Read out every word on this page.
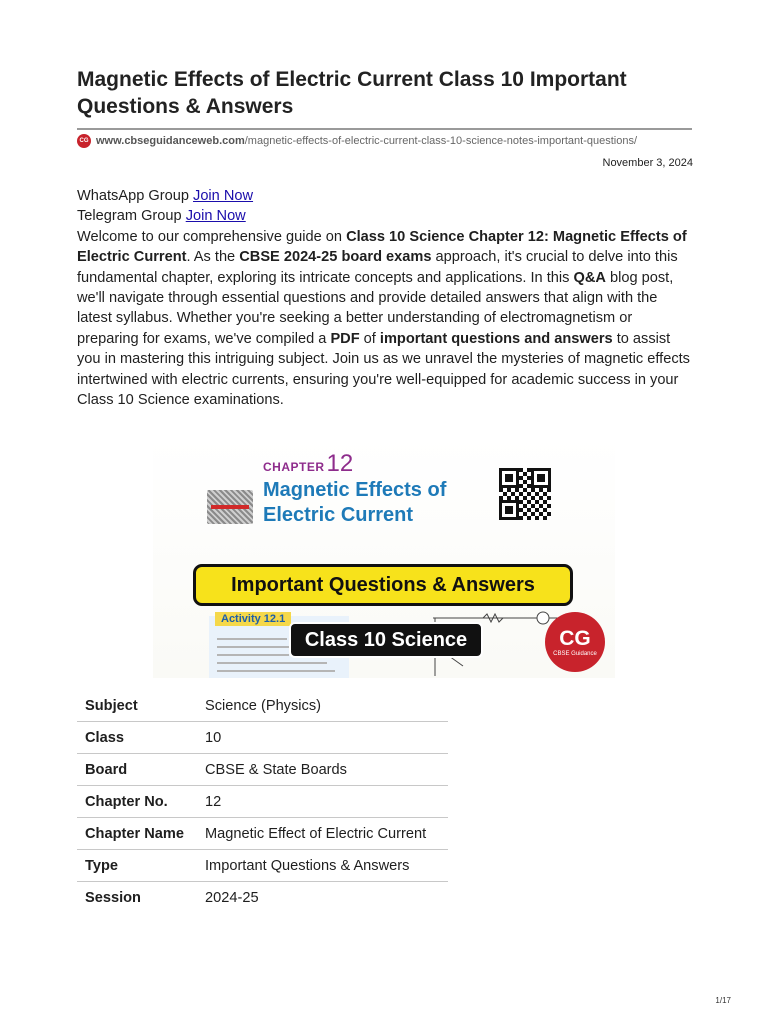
Magnetic Effects of Electric Current Class 10 Important Questions & Answers
CG www.cbseguidanceweb.com /magnetic-effects-of-electric-current-class-10-science-notes-important-questions/
November 3, 2024

WhatsApp Group Join Now

Telegram Group Join Now

Welcome to our comprehensive guide on Class 10 Science Chapter 12: Magnetic Effects of Electric Current. As the CBSE 2024-25 board exams approach, it's crucial to delve into this fundamental chapter, exploring its intricate concepts and applications. In this Q&A blog post, we'll navigate through essential questions and provide detailed answers that align with the latest syllabus. Whether you're seeking a better understanding of electromagnetism or preparing for exams, we've compiled a PDF of important questions and answers to assist you in mastering this intriguing subject. Join us as we unravel the mysteries of magnetic effects intertwined with electric currents, ensuring you're well-equipped for academic success in your Class 10 Science examinations.

CHAPTER12
Magnetic Effects of
Electric Current
Activity 12.1
Important Questions & Answers
Class 10 Science	CG
CBSE Guidance
Subject	Science (Physics)
Class	10
Board	CBSE & State Boards
Chapter No.	12
Chapter Name	Magnetic Effect of Electric Current
Type	Important Questions & Answers
Session	2024-25
1/17
